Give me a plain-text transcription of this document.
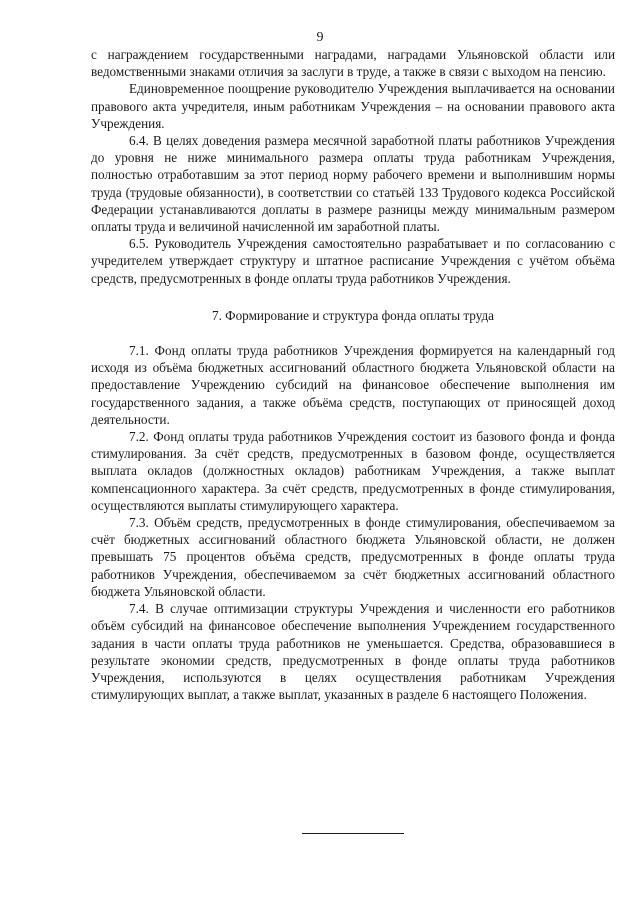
9

с награждением государственными наградами, наградами Ульяновской области или ведомственными знаками отличия за заслуги в труде, а также в связи с выходом на пенсию.

Единовременное поощрение руководителю Учреждения выплачивается на основании правового акта учредителя, иным работникам Учреждения – на основании правового акта Учреждения.

6.4. В целях доведения размера месячной заработной платы работников Учреждения до уровня не ниже минимального размера оплаты труда работникам Учреждения, полностью отработавшим за этот период норму рабочего времени и выполнившим нормы труда (трудовые обязанности), в соответствии со статьёй 133 Трудового кодекса Российской Федерации устанавливаются доплаты в размере разницы между минимальным размером оплаты труда и величиной начисленной им заработной платы.

6.5. Руководитель Учреждения самостоятельно разрабатывает и по согласованию с учредителем утверждает структуру и штатное расписание Учреждения с учётом объёма средств, предусмотренных в фонде оплаты труда работников Учреждения.

7. Формирование и структура фонда оплаты труда

7.1. Фонд оплаты труда работников Учреждения формируется на календарный год исходя из объёма бюджетных ассигнований областного бюджета Ульяновской области на предоставление Учреждению субсидий на финансовое обеспечение выполнения им государственного задания, а также объёма средств, поступающих от приносящей доход деятельности.

7.2. Фонд оплаты труда работников Учреждения состоит из базового фонда и фонда стимулирования. За счёт средств, предусмотренных в базовом фонде, осуществляется выплата окладов (должностных окладов) работникам Учреждения, а также выплат компенсационного характера. За счёт средств, предусмотренных в фонде стимулирования, осуществляются выплаты стимулирующего характера.

7.3. Объём средств, предусмотренных в фонде стимулирования, обеспечиваемом за счёт бюджетных ассигнований областного бюджета Ульяновской области, не должен превышать 75 процентов объёма средств, предусмотренных в фонде оплаты труда работников Учреждения, обеспечиваемом за счёт бюджетных ассигнований областного бюджета Ульяновской области.

7.4. В случае оптимизации структуры Учреждения и численности его работников объём субсидий на финансовое обеспечение выполнения Учреждением государственного задания в части оплаты труда работников не уменьшается. Средства, образовавшиеся в результате экономии средств, предусмотренных в фонде оплаты труда работников Учреждения, используются в целях осуществления работникам Учреждения стимулирующих выплат, а также выплат, указанных в разделе 6 настоящего Положения.
